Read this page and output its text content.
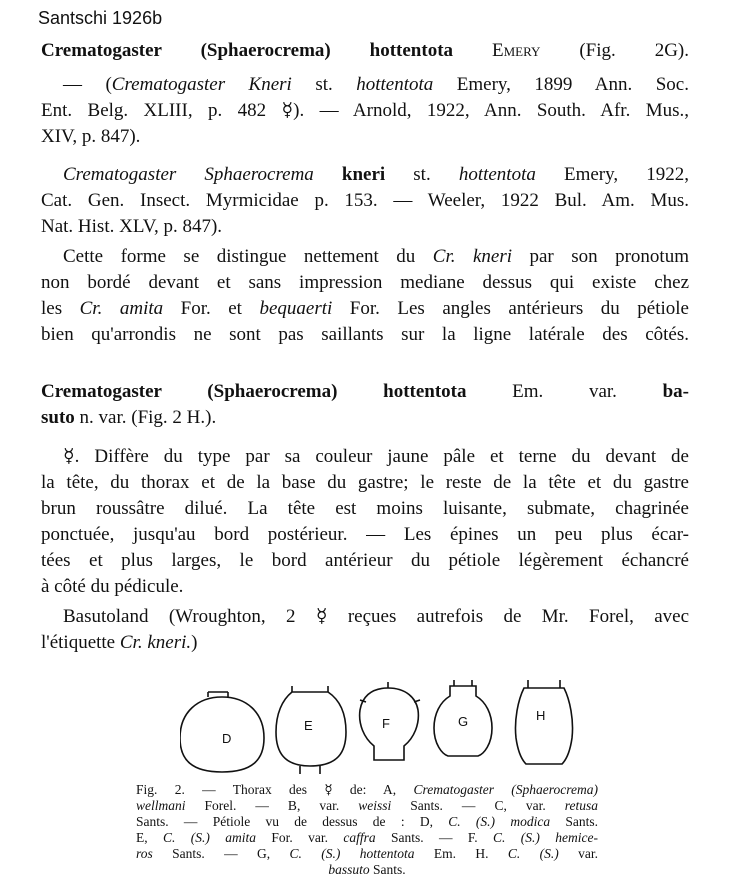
Santschi 1926b
Crematogaster (Sphaerocrema) hottentota Emery (Fig. 2G).
— (Crematogaster Kneri st. hottentota Emery, 1899 Ann. Soc.
Ent. Belg. XLIII, p. 482 ☿). — Arnold, 1922, Ann. South. Afr. Mus.,
XIV, p. 847).
Crematogaster Sphaerocrema kneri st. hottentota Emery, 1922,
Cat. Gen. Insect. Myrmicidae p. 153. — Weeler, 1922 Bul. Am. Mus.
Nat. Hist. XLV, p. 847).
Cette forme se distingue nettement du Cr. kneri par son pronotum
non bordé devant et sans impression mediane dessus qui existe chez
les Cr. amita For. et bequaerti For. Les angles antérieurs du pétiole
bien qu'arrondis ne sont pas saillants sur la ligne latérale des côtés.
Crematogaster (Sphaerocrema) hottentota Em. var. ba-
suto n. var. (Fig. 2 H.).
☿. Diffère du type par sa couleur jaune pâle et terne du devant de
la tête, du thorax et de la base du gastre; le reste de la tête et du gastre
brun roussâtre dilué. La tête est moins luisante, submate, chagrinée
ponctuée, jusqu'au bord postérieur. — Les épines un peu plus écar-
tées et plus larges, le bord antérieur du pétiole légèrement échancré
à côté du pédicule.
Basutoland (Wroughton, 2 ☿ reçues autrefois de Mr. Forel, avec
l'étiquette Cr. kneri.)
D
E	F	G	H
Fig. 2. — Thorax des ☿ de: A, Crematogaster (Sphaerocrema)
wellmani Forel. — B, var. weissi Sants. — C, var. retusa
Sants. — Pétiole vu de dessus de : D, C. (S.) modica Sants.
E, C. (S.) amita For. var. caffra Sants. — F. C. (S.) hemice-
ros Sants. — G, C. (S.) hottentota Em. H. C. (S.) var.
bassuto Sants.
